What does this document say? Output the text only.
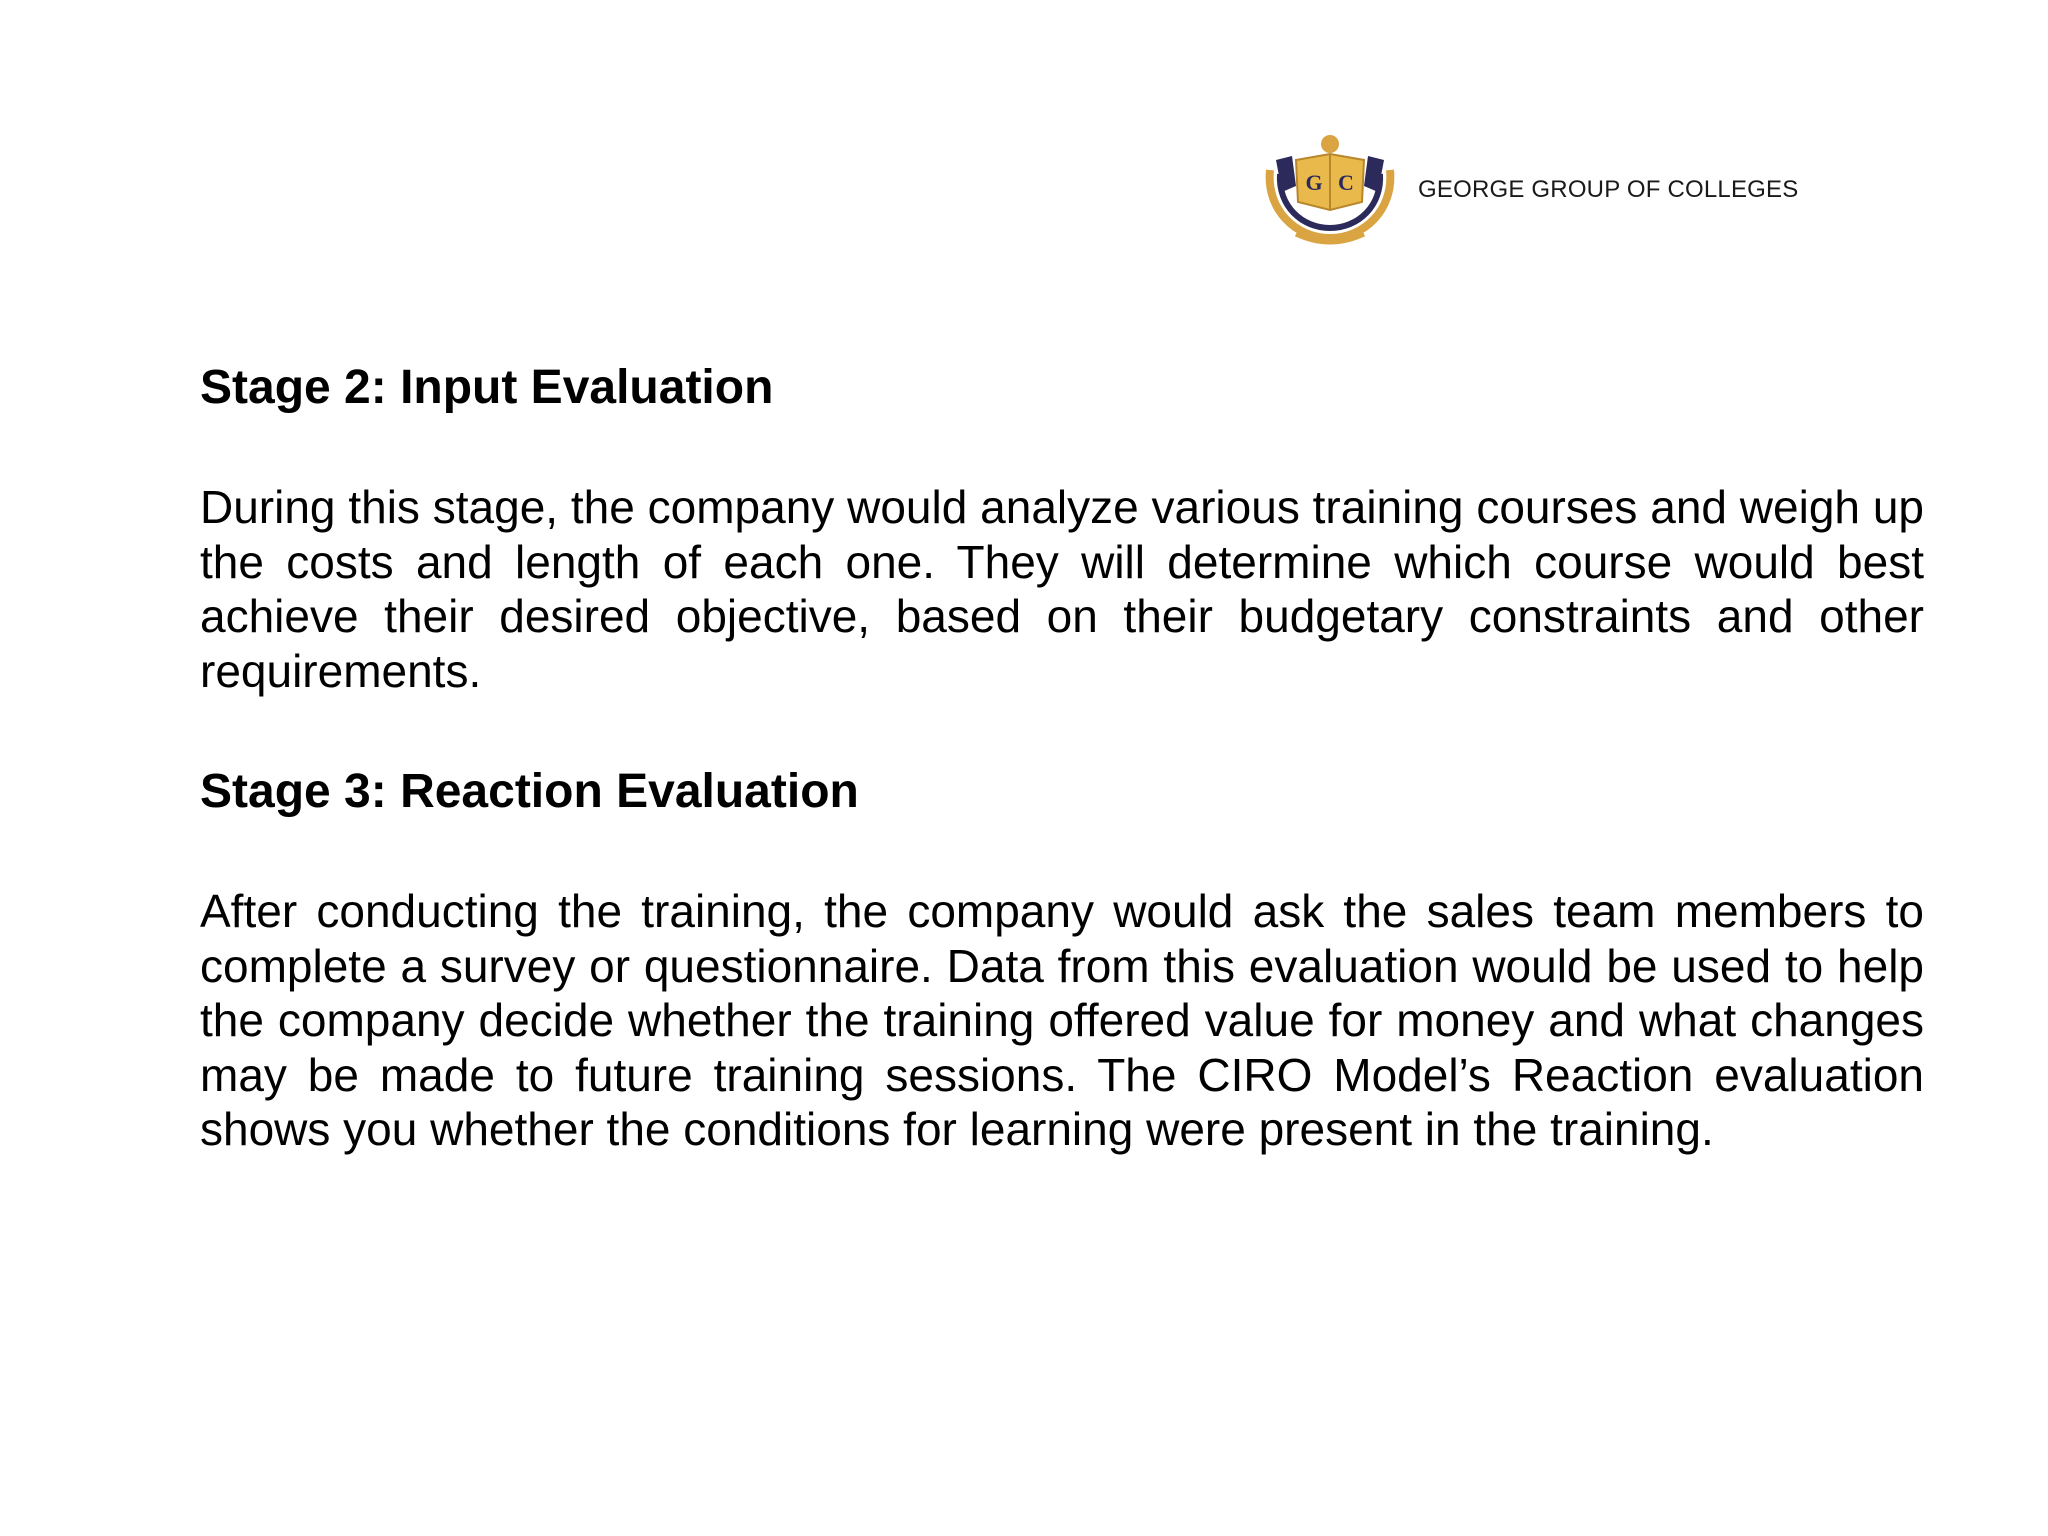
G C	GEORGE GROUP OF COLLEGES
Stage 2: Input Evaluation

During this stage, the company would analyze various training courses and weigh up the costs and length of each one. They will determine which course would best achieve their desired objective, based on their budgetary constraints and other requirements.

Stage 3: Reaction Evaluation

After conducting the training, the company would ask the sales team members to complete a survey or questionnaire. Data from this evaluation would be used to help the company decide whether the training offered value for money and what changes may be made to future training sessions. The CIRO Model’s Reaction evaluation shows you whether the conditions for learning were present in the training.
